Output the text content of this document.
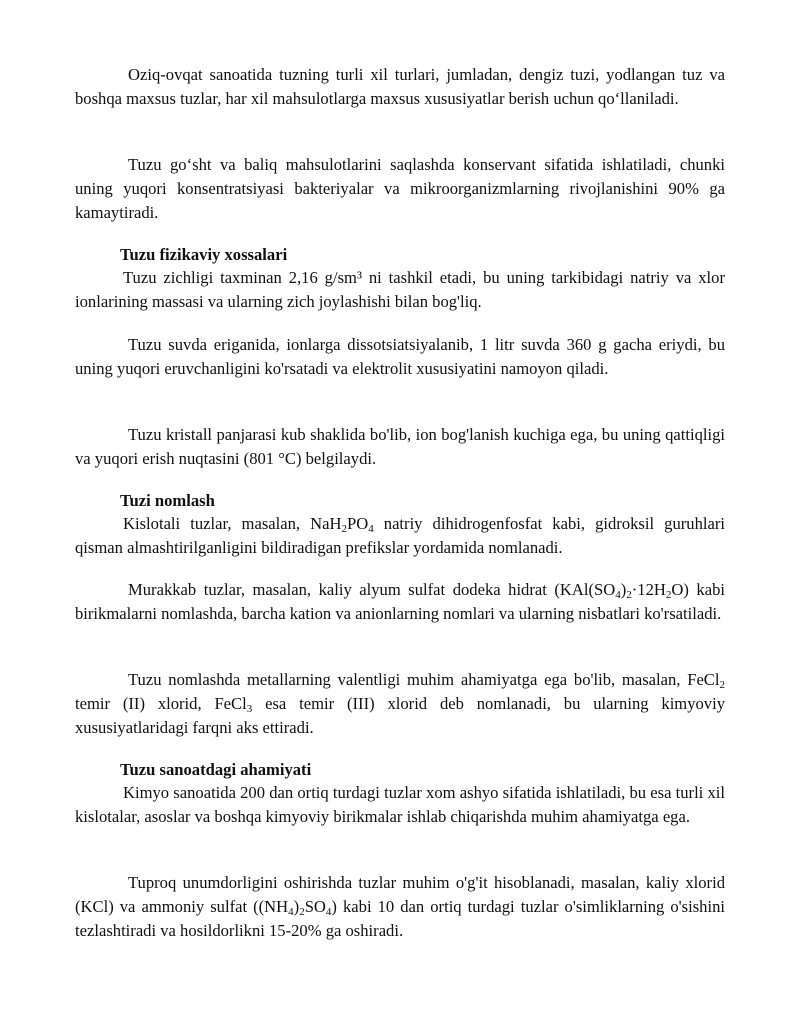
Oziq-ovqat sanoatida tuzning turli xil turlari, jumladan, dengiz tuzi, yodlangan tuz va boshqa maxsus tuzlar, har xil mahsulotlarga maxsus xususiyatlar berish uchun qo‘llaniladi.

Tuzu go‘sht va baliq mahsulotlarini saqlashda konservant sifatida ishlatiladi, chunki uning yuqori konsentratsiyasi bakteriyalar va mikroorganizmlarning rivojlanishini 90% ga kamaytiradi.

Tuzu fizikaviy xossalari

Tuzu zichligi taxminan 2,16 g/sm³ ni tashkil etadi, bu uning tarkibidagi natriy va xlor ionlarining massasi va ularning zich joylashishi bilan bog'liq.

Tuzu suvda eriganida, ionlarga dissotsiatsiyalanib, 1 litr suvda 360 g gacha eriydi, bu uning yuqori eruvchanligini ko'rsatadi va elektrolit xususiyatini namoyon qiladi.

Tuzu kristall panjarasi kub shaklida bo'lib, ion bog'lanish kuchiga ega, bu uning qattiqligi va yuqori erish nuqtasini (801 °C) belgilaydi.

Tuzi nomlash

Kislotali tuzlar, masalan, $NaH_2PO_4$ natriy dihidrogenfosfat kabi, gidroksil guruhlari qisman almashtirilganligini bildiradigan prefikslar yordamida nomlanadi.

Murakkab tuzlar, masalan, kaliy alyum sulfat dodeka hidrat $(KAl(SO_4)_2\cdot 12H_2O)$ kabi birikmalarni nomlashda, barcha kation va anionlarning nomlari va ularning nisbatlari ko'rsatiladi.

Tuzu nomlashda metallarning valentligi muhim ahamiyatga ega bo'lib, masalan, FeCl$_2$ temir (II) xlorid, FeCl$_3$ esa temir (III) xlorid deb nomlanadi, bu ularning kimyoviy xususiyatlaridagi farqni aks ettiradi.

Tuzu sanoatdagi ahamiyati

Kimyo sanoatida 200 dan ortiq turdagi tuzlar xom ashyo sifatida ishlatiladi, bu esa turli xil kislotalar, asoslar va boshqa kimyoviy birikmalar ishlab chiqarishda muhim ahamiyatga ega.

Tuproq unumdorligini oshirishda tuzlar muhim o'g'it hisoblanadi, masalan, kaliy xlorid (KCl) va ammoniy sulfat $((NH_4)_2SO_4)$ kabi 10 dan ortiq turdagi tuzlar o'simliklarning o'sishini tezlashtiradi va hosildorlikni 15-20% ga oshiradi.
